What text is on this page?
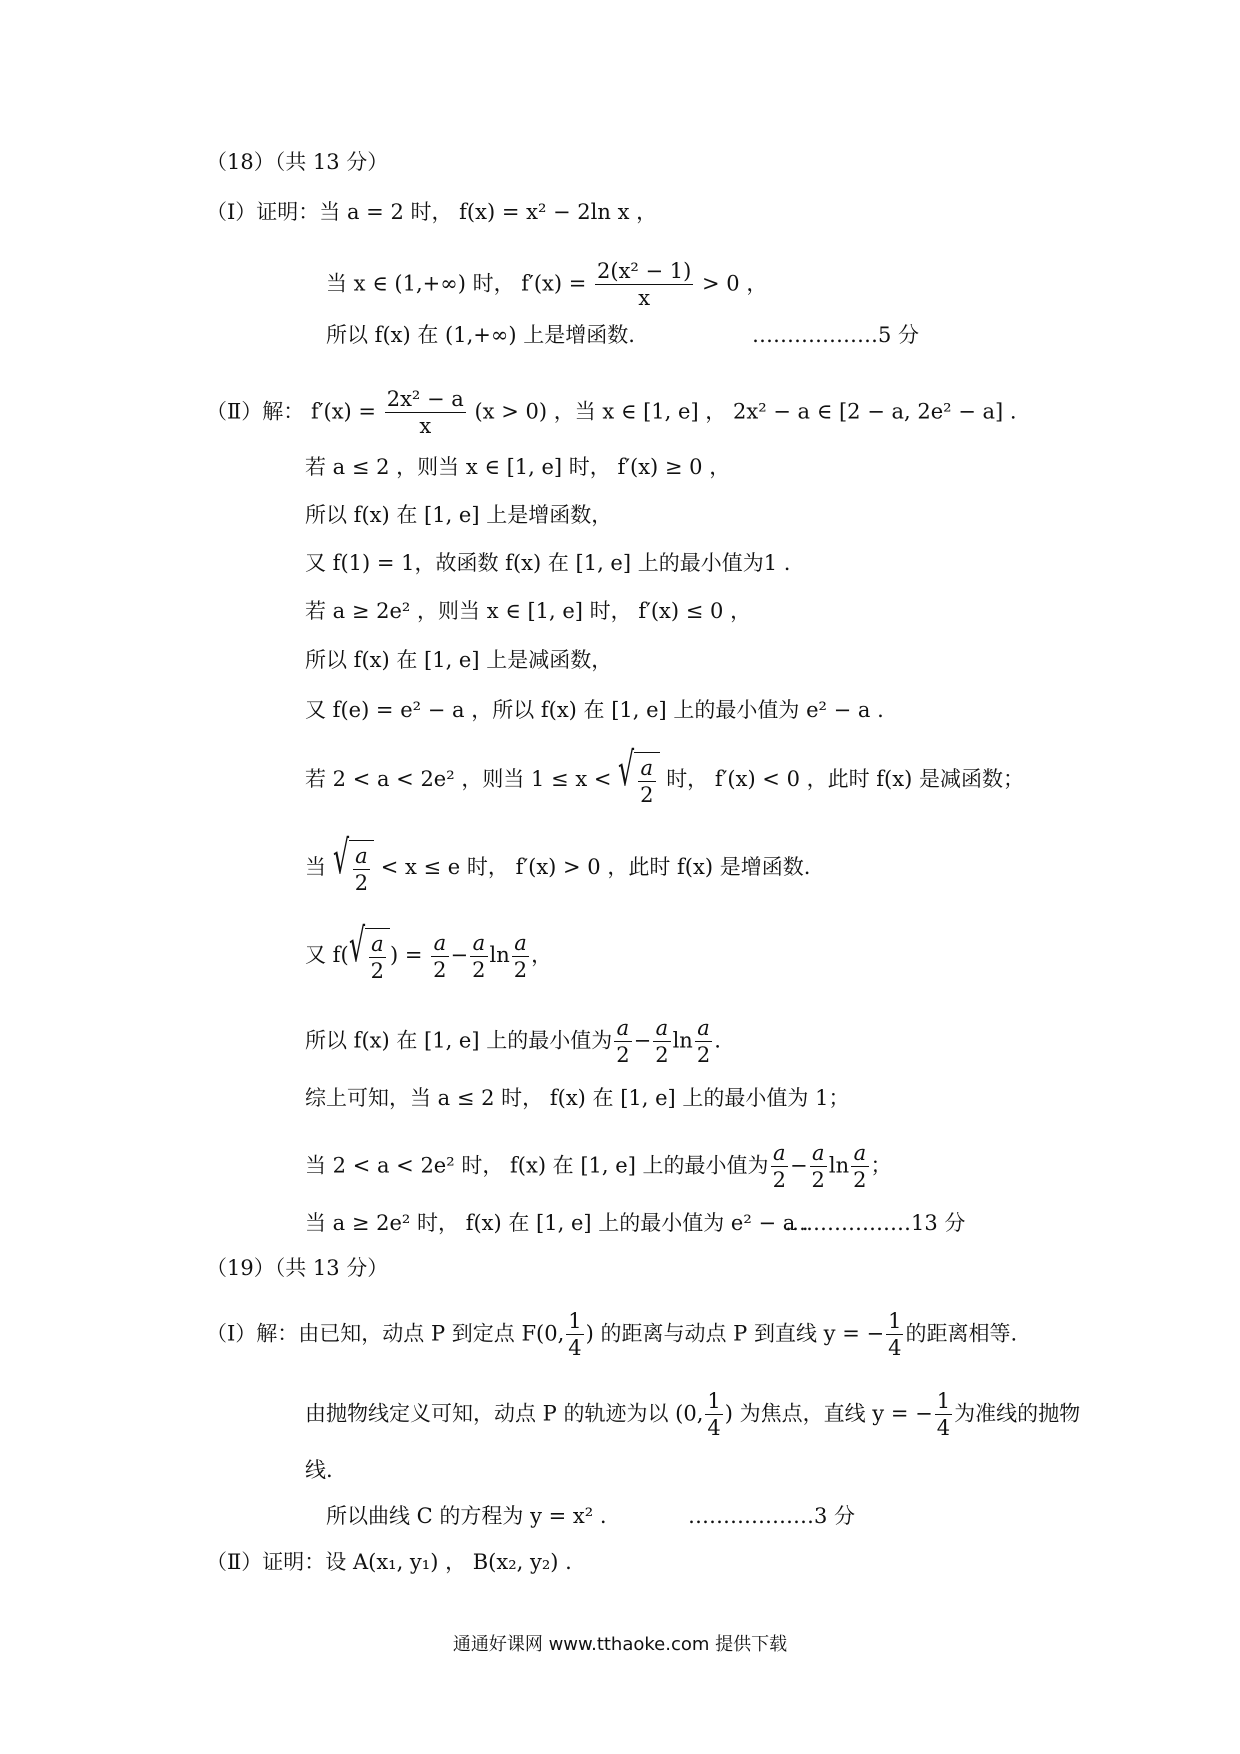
（18）（共 13 分）
（Ⅰ）证明：当 a = 2 时， f(x) = x² − 2ln x ，
当 x ∈ (1,+∞) 时， $f'(x) = \frac{\text{2(x² − 1)}}{x} > 0$ ，
所以 f(x) 在 (1,+∞) 上是增函数.	………………5 分
（Ⅱ）解： $f'(x) = \frac{\text{2x² − a}}{x} (x > 0)$ ，当 x ∈ [1, e] ， 2x² − a ∈ [2 − a, 2e² − a] .
若 a ≤ 2 ，则当 x ∈ [1, e] 时， f′(x) ≥ 0 ，
所以 f(x) 在 [1, e] 上是增函数，
又 f(1) = 1，故函数 f(x) 在 [1, e] 上的最小值为1 .
若 a ≥ 2e² ，则当 x ∈ [1, e] 时， f′(x) ≤ 0 ，
所以 f(x) 在 [1, e] 上是减函数，
又 f(e) = e² − a ，所以 f(x) 在 [1, e] 上的最小值为 e² − a .
若 2 < a < 2e² ，则当 1 ≤ x < √ $\frac{a}{2}$ 时， f′(x) < 0 ，此时 f(x) 是减函数；
当 √ $\frac{a}{2} < x \le e$ 时， f′(x) > 0 ，此时 f(x) 是增函数.
又 f( √ $\frac{a}{2}$ ) = $\frac{a}{2} - \frac{a}{2}$ $\ln \frac{a}{2}$ ，
所以 f(x) 在 [1, e] 上的最小值为 $\frac{a}{2} - \frac{a}{2}$ $\ln \frac{a}{2}$ .
综上可知，当 a ≤ 2 时， f(x) 在 [1, e] 上的最小值为 1；
当 2 < a < 2e² 时， f(x) 在 [1, e] 上的最小值为 $\frac{a}{2} - \frac{a}{2}$ $\ln \frac{a}{2}$ ；
当 a ≥ 2e² 时， f(x) 在 [1, e] 上的最小值为 e² − a .
………………13 分
（19）（共 13 分）
（Ⅰ）解：由已知，动点 P 到定点 F(0, $\frac{1}{4}$ ) 的距离与动点 P 到直线 y = − $\frac{1}{4}$ 的距离相等.
由抛物线定义可知，动点 P 的轨迹为以 (0, $\frac{1}{4}$ ) 为焦点，直线 y = − $\frac{1}{4}$ 为准线的抛物
线.
所以曲线 C 的方程为 y = x² .	………………3 分
（Ⅱ）证明：设 A(x₁, y₁) ， B(x₂, y₂) .
通通好课网 www.tthaoke.com 提供下载
